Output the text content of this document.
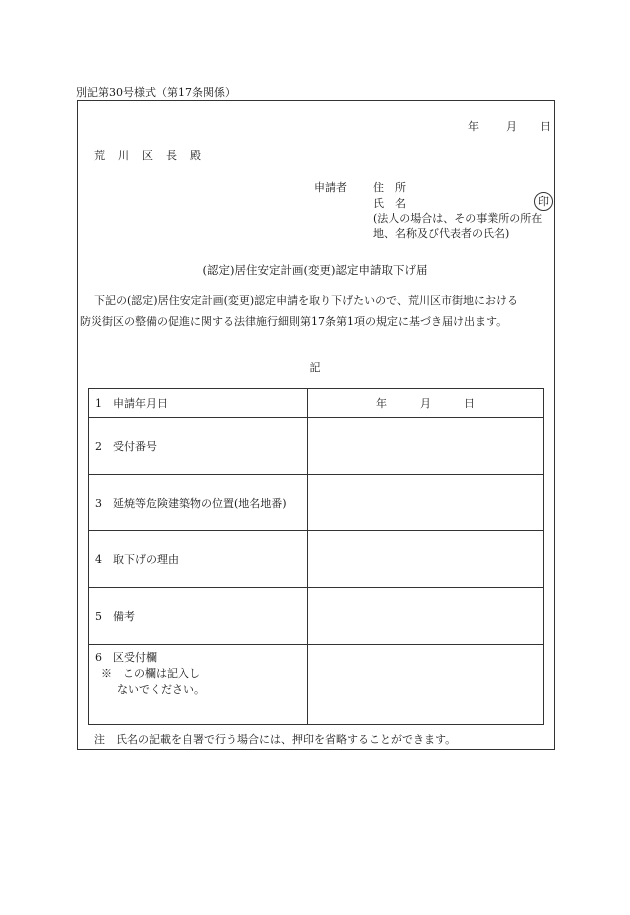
別記第30号様式（第17条関係）
年 月 日
荒 川 区 長 殿
申請者 住　所
氏　名	印
(法人の場合は、その事業所の所在
地、名称及び代表者の氏名)
(認定)居住安定計画(変更)認定申請取下げ届
下記の(認定)居住安定計画(変更)認定申請を取り下げたいので、荒川区市街地における
防災街区の整備の促進に関する法律施行細則第17条第1項の規定に基づき届け出ます。
記
1　申請年月日	年　　　月　　　日
2　受付番号	
3　延焼等危険建築物の位置(地名地番)	
4　取下げの理由	
5　備考	

6　区受付欄
※　この欄は記入し
ないでください。	

注　氏名の記載を自署で行う場合には、押印を省略することができます。
